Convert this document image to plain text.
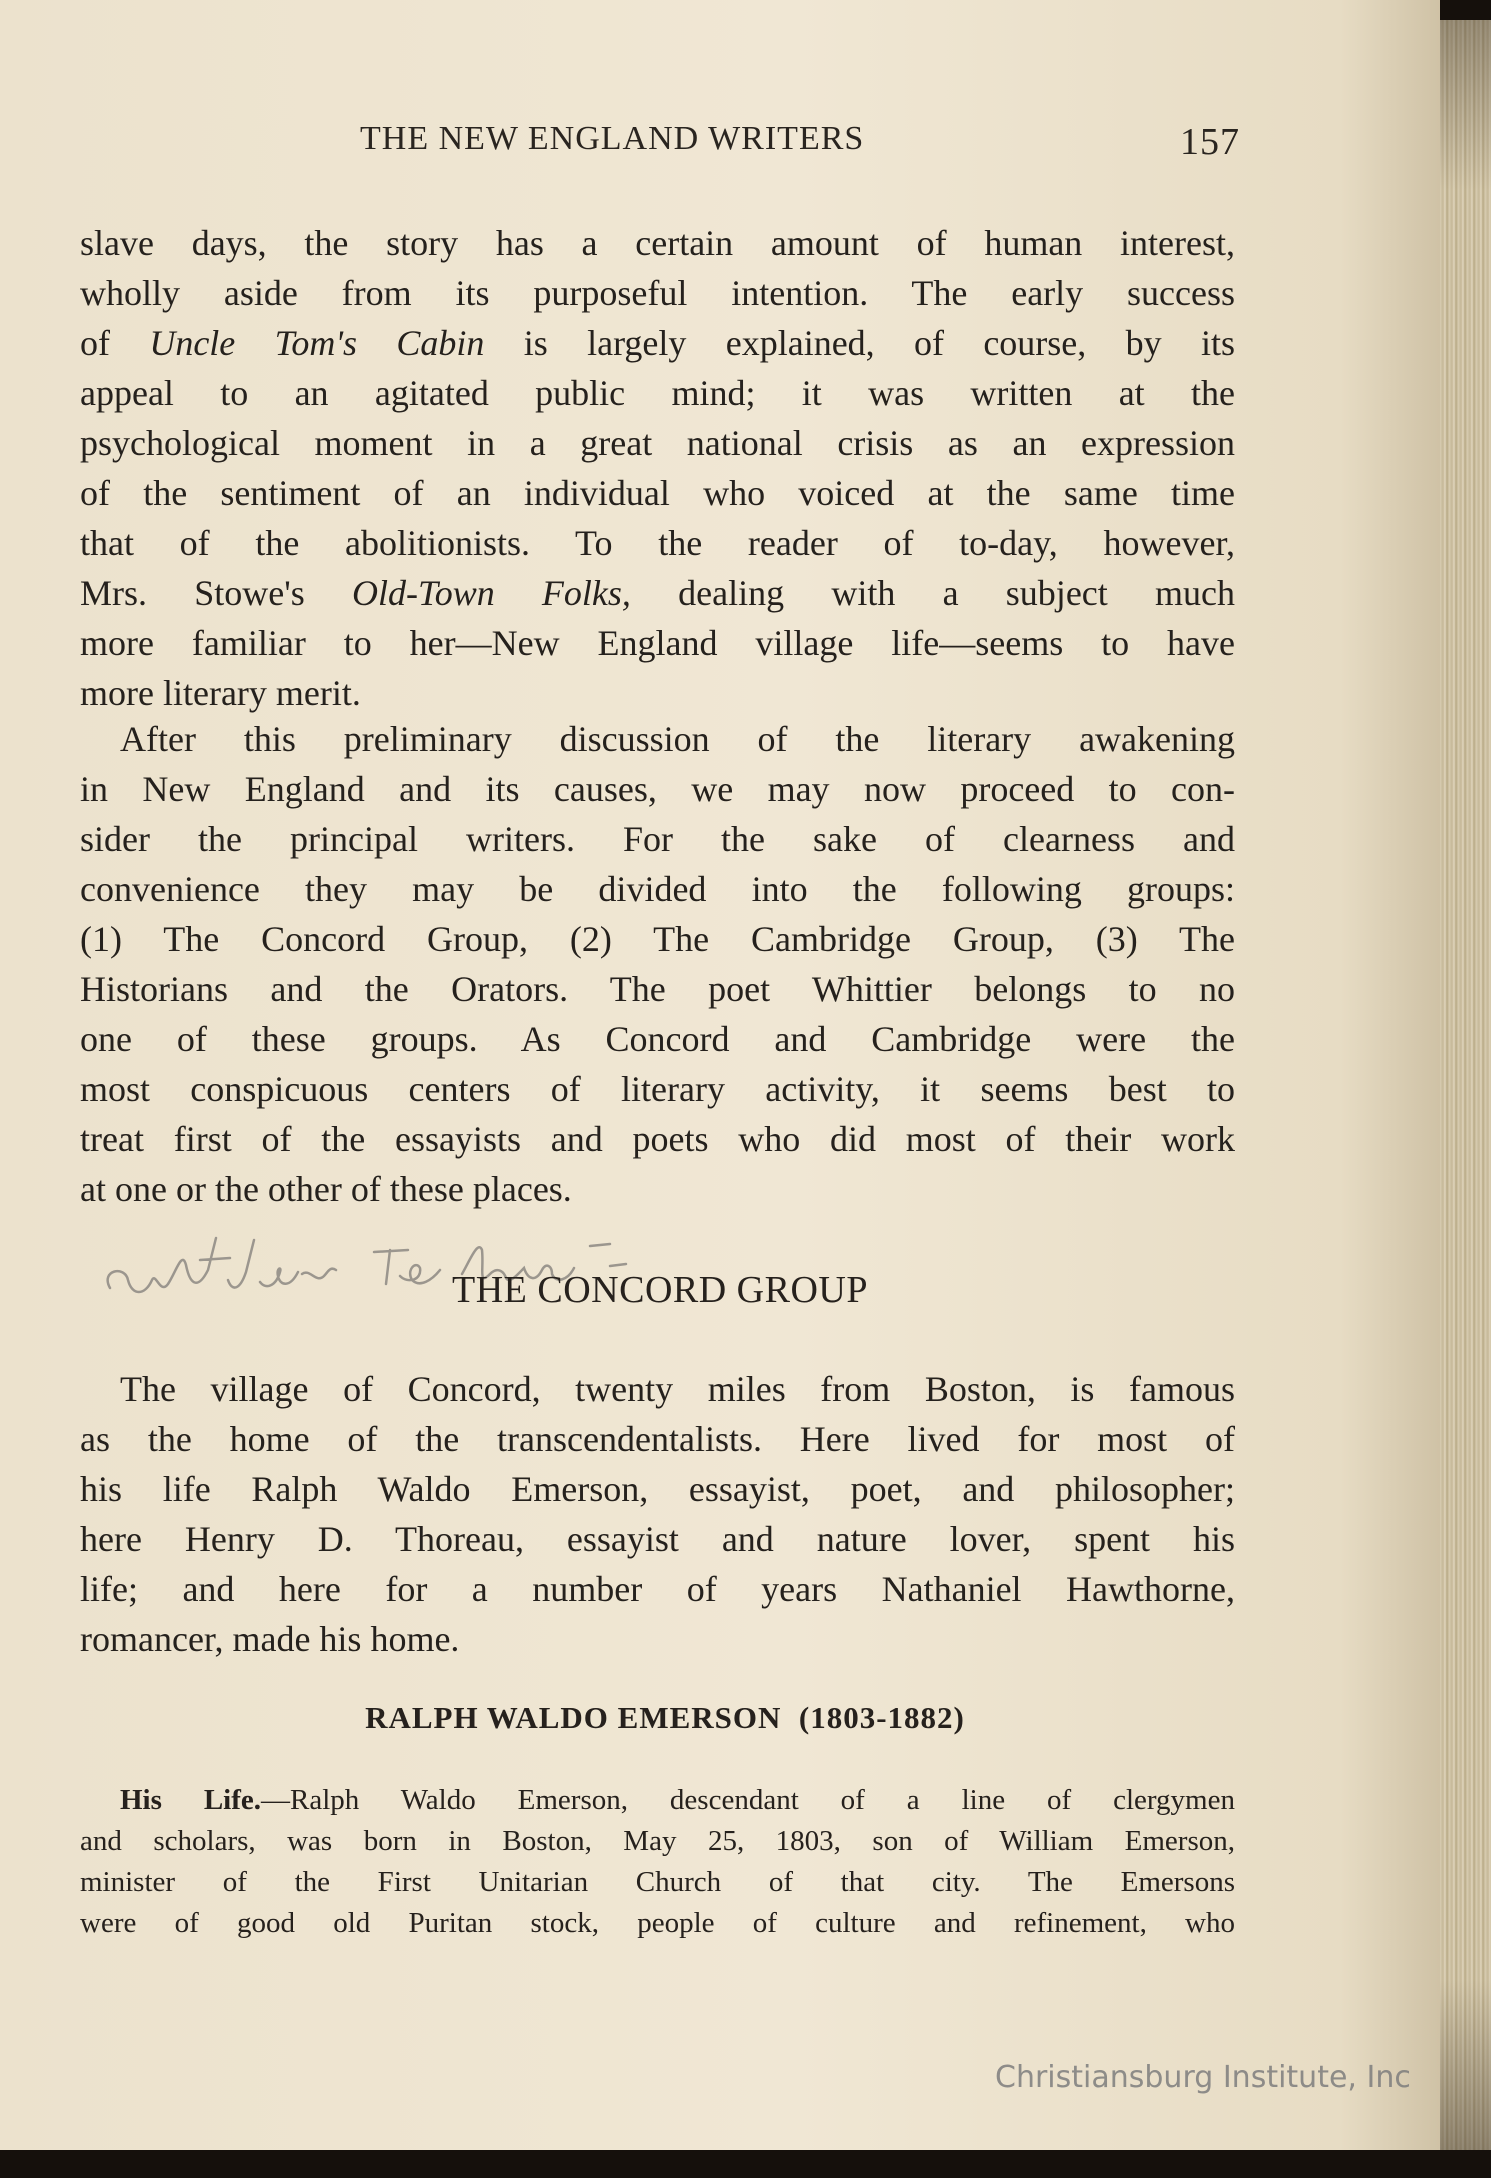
THE NEW ENGLAND WRITERS	157
slave days, the story has a certain amount of human interest,
wholly aside from its purposeful intention. The early success
of Uncle Tom's Cabin is largely explained, of course, by its
appeal to an agitated public mind; it was written at the
psychological moment in a great national crisis as an expression
of the sentiment of an individual who voiced at the same time
that of the abolitionists. To the reader of to-day, however,
Mrs. Stowe's Old-Town Folks, dealing with a subject much
more familiar to her—New England village life—seems to have
more literary merit.
After this preliminary discussion of the literary awakening
in New England and its causes, we may now proceed to con-
sider the principal writers. For the sake of clearness and
convenience they may be divided into the following groups:
(1) The Concord Group, (2) The Cambridge Group, (3) The
Historians and the Orators. The poet Whittier belongs to no
one of these groups. As Concord and Cambridge were the
most conspicuous centers of literary activity, it seems best to
treat first of the essayists and poets who did most of their work
at one or the other of these places.
THE CONCORD GROUP
The village of Concord, twenty miles from Boston, is famous
as the home of the transcendentalists. Here lived for most of
his life Ralph Waldo Emerson, essayist, poet, and philosopher;
here Henry D. Thoreau, essayist and nature lover, spent his
life; and here for a number of years Nathaniel Hawthorne,
romancer, made his home.
RALPH WALDO EMERSON (1803-1882)
His Life.—Ralph Waldo Emerson, descendant of a line of clergymen
and scholars, was born in Boston, May 25, 1803, son of William Emerson,
minister of the First Unitarian Church of that city. The Emersons
were of good old Puritan stock, people of culture and refinement, who
Christiansburg Institute, Inc
